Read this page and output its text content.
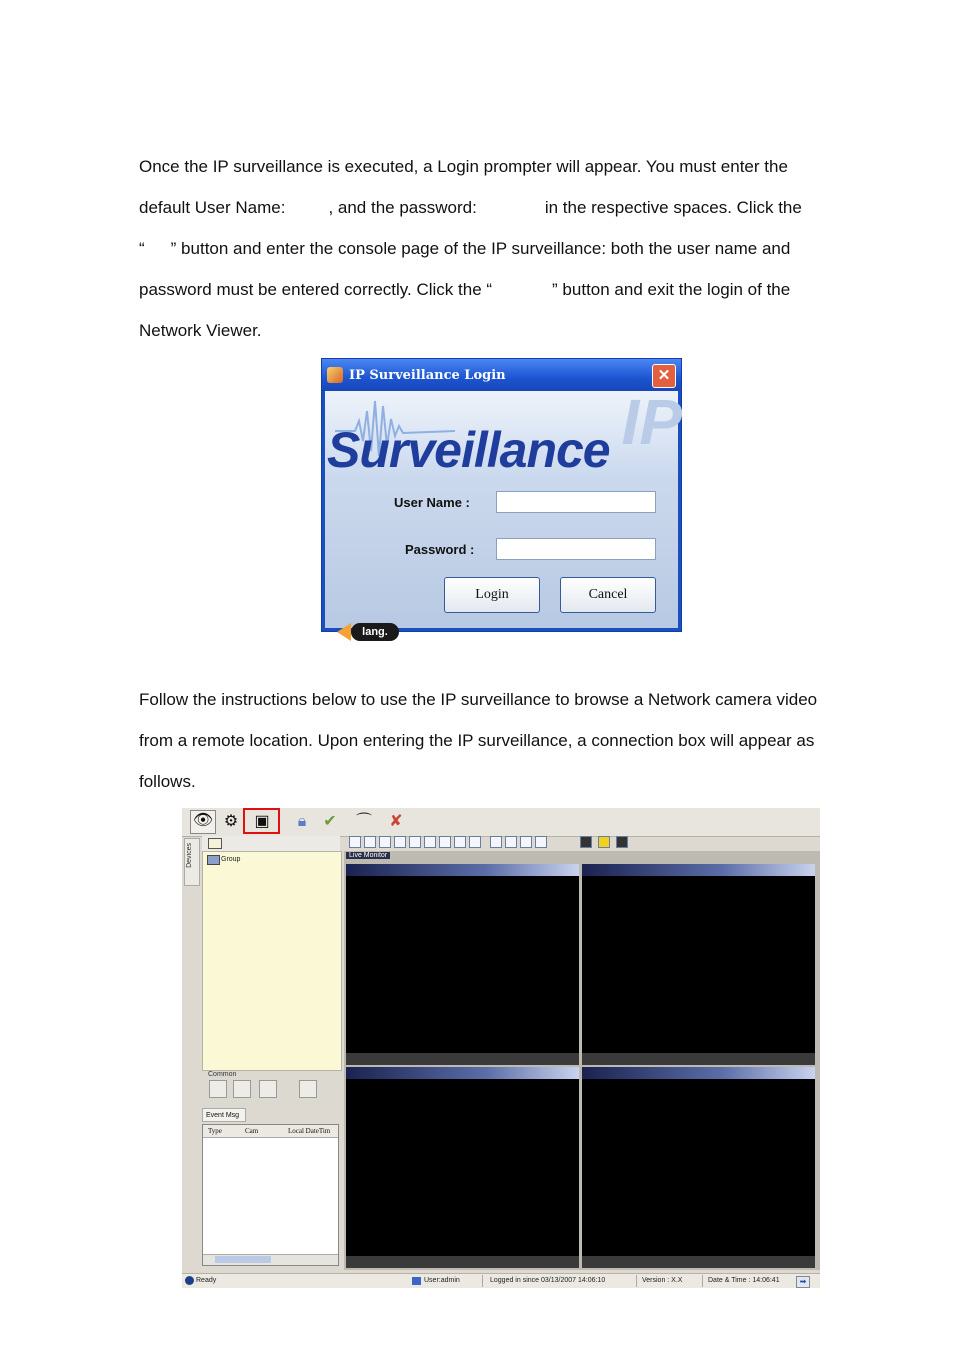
Once the IP surveillance is executed, a Login prompter will appear. You must enter the
default User Name:	, and the password:	in the respective spaces. Click the
“ ” button and enter the console page of the IP surveillance: both the user name and
password must be entered correctly. Click the “	” button and exit the login of the
Network Viewer.
IP Surveillance Login	✕
IP
Surveillance
User Name :
Password :
lang.
Login	Cancel
Follow the instructions below to use the IP surveillance to browse a Network camera video
from a remote location. Upon entering the IP surveillance, a connection box will appear as
follows.
👁 ⚙ ▣	🔒︎	✔ ⌒ ✘
Devices	Group
Common
Event Msg
Type	Cam	Local DateTim
Live Monitor
Ready	User:admin	Logged in since 03/13/2007 14:06:10	Version : X.X	Date & Time : 14:06:41	➡
